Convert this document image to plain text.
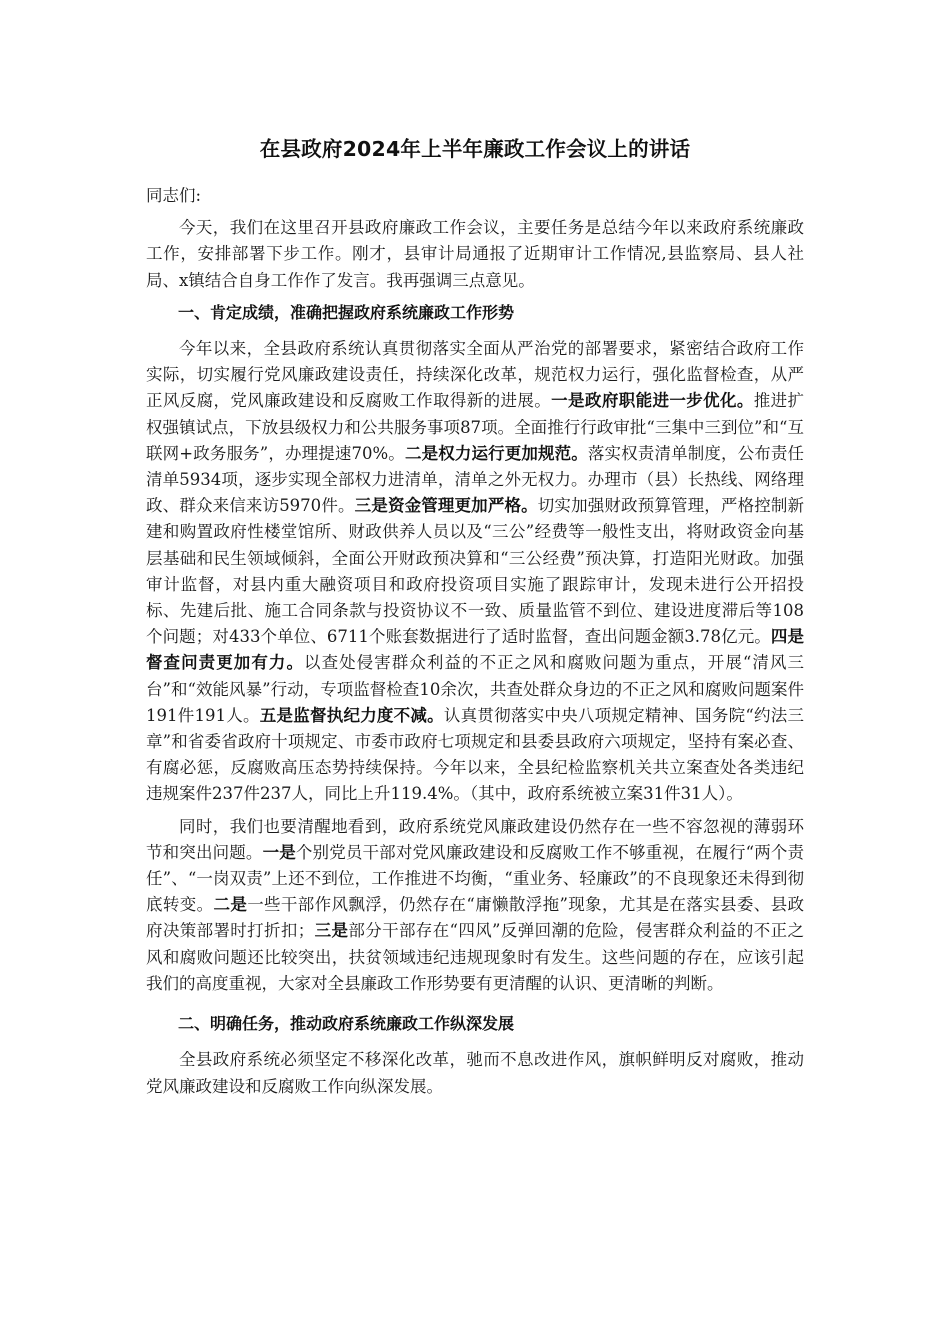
在县政府2024年上半年廉政工作会议上的讲话

同志们:

今天，我们在这里召开县政府廉政工作会议，主要任务是总结今年以来政府系统廉政工作，安排部署下步工作。刚才，县审计局通报了近期审计工作情况,县监察局、县人社局、x镇结合自身工作作了发言。我再强调三点意见。

一、肯定成绩，准确把握政府系统廉政工作形势

今年以来，全县政府系统认真贯彻落实全面从严治党的部署要求，紧密结合政府工作实际，切实履行党风廉政建设责任，持续深化改革，规范权力运行，强化监督检查，从严正风反腐，党风廉政建设和反腐败工作取得新的进展。一是政府职能进一步优化。推进扩权强镇试点，下放县级权力和公共服务事项87项。全面推行行政审批“三集中三到位”和“互联网+政务服务”，办理提速70%。二是权力运行更加规范。落实权责清单制度，公布责任清单5934项，逐步实现全部权力进清单，清单之外无权力。办理市（县）长热线、网络理政、群众来信来访5970件。三是资金管理更加严格。切实加强财政预算管理，严格控制新建和购置政府性楼堂馆所、财政供养人员以及“三公”经费等一般性支出，将财政资金向基层基础和民生领域倾斜，全面公开财政预决算和“三公经费”预决算，打造阳光财政。加强审计监督，对县内重大融资项目和政府投资项目实施了跟踪审计，发现未进行公开招投标、先建后批、施工合同条款与投资协议不一致、质量监管不到位、建设进度滞后等108个问题；对433个单位、6711个账套数据进行了适时监督，查出问题金额3.78亿元。四是督查问责更加有力。以查处侵害群众利益的不正之风和腐败问题为重点，开展“清风三台”和“效能风暴”行动，专项监督检查10余次，共查处群众身边的不正之风和腐败问题案件191件191人。五是监督执纪力度不减。认真贯彻落实中央八项规定精神、国务院“约法三章”和省委省政府十项规定、市委市政府七项规定和县委县政府六项规定，坚持有案必查、有腐必惩，反腐败高压态势持续保持。今年以来，全县纪检监察机关共立案查处各类违纪违规案件237件237人，同比上升119.4%。（其中，政府系统被立案31件31人）。

同时，我们也要清醒地看到，政府系统党风廉政建设仍然存在一些不容忽视的薄弱环节和突出问题。一是个别党员干部对党风廉政建设和反腐败工作不够重视，在履行“两个责任”、“一岗双责”上还不到位，工作推进不均衡，“重业务、轻廉政”的不良现象还未得到彻底转变。二是一些干部作风飘浮，仍然存在“庸懒散浮拖”现象，尤其是在落实县委、县政府决策部署时打折扣；三是部分干部存在“四风”反弹回潮的危险，侵害群众利益的不正之风和腐败问题还比较突出，扶贫领域违纪违规现象时有发生。这些问题的存在，应该引起我们的高度重视，大家对全县廉政工作形势要有更清醒的认识、更清晰的判断。

二、明确任务，推动政府系统廉政工作纵深发展

全县政府系统必须坚定不移深化改革，驰而不息改进作风，旗帜鲜明反对腐败，推动党风廉政建设和反腐败工作向纵深发展。
